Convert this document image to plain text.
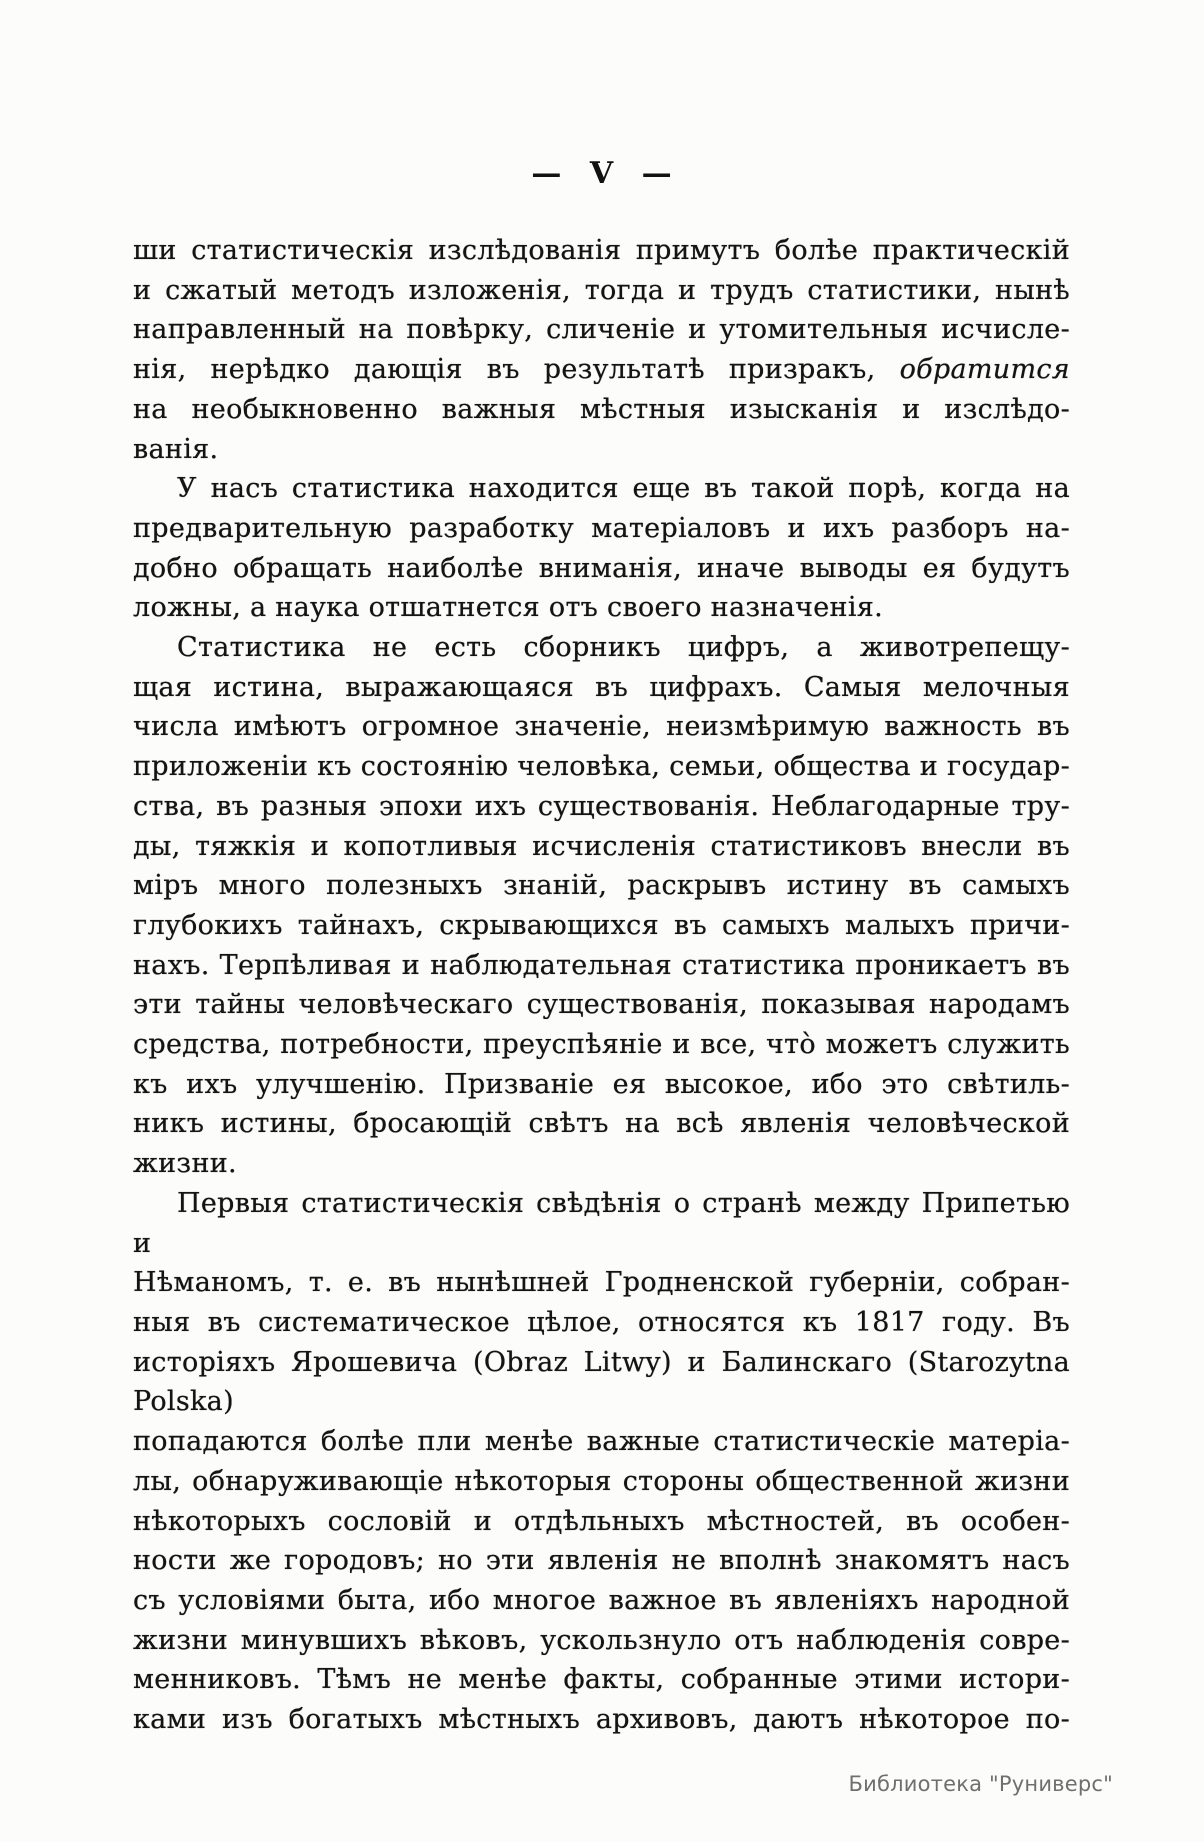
— V —
ши статистическія изслѣдованія примутъ болѣе практическій
и сжатый методъ изложенія, тогда и трудъ статистики, нынѣ
направленный на повѣрку, сличеніе и утомительныя исчисле-
нія, нерѣдко дающія въ результатѣ призракъ, обратится
на необыкновенно важныя мѣстныя изысканія и изслѣдо-
ванія.
У насъ статистика находится еще въ такой порѣ, когда на
предварительную разработку матеріаловъ и ихъ разборъ на-
добно обращать наиболѣе вниманія, иначе выводы ея будутъ
ложны, а наука отшатнется отъ своего назначенія.
Статистика не есть сборникъ цифръ, а животрепещу-
щая истина, выражающаяся въ цифрахъ. Самыя мелочныя
числа имѣютъ огромное значеніе, неизмѣримую важность въ
приложеніи къ состоянію человѣка, семьи, общества и государ-
ства, въ разныя эпохи ихъ существованія. Неблагодарные тру-
ды, тяжкія и копотливыя исчисленія статистиковъ внесли въ
міръ много полезныхъ знаній, раскрывъ истину въ самыхъ
глубокихъ тайнахъ, скрывающихся въ самыхъ малыхъ причи-
нахъ. Терпѣливая и наблюдательная статистика проникаетъ въ
эти тайны человѣческаго существованія, показывая народамъ
средства, потребности, преуспѣяніе и все, что̀ можетъ служить
къ ихъ улучшенію. Призваніе ея высокое, ибо это свѣтиль-
никъ истины, бросающій свѣтъ на всѣ явленія человѣческой
жизни.
Первыя статистическія свѣдѣнія о странѣ между Припетью и
Нѣманомъ, т. е. въ нынѣшней Гродненской губерніи, собран-
ныя въ систематическое цѣлое, относятся къ 1817 году. Въ
исторіяхъ Ярошевича (Obraz Litwy) и Балинскаго (Starozytna Polska)
попадаются болѣе пли менѣе важные статистическіе матеріа-
лы, обнаруживающіе нѣкоторыя стороны общественной жизни
нѣкоторыхъ сословій и отдѣльныхъ мѣстностей, въ особен-
ности же городовъ; но эти явленія не вполнѣ знакомятъ насъ
съ условіями быта, ибо многое важное въ явленіяхъ народной
жизни минувшихъ вѣковъ, ускользнуло отъ наблюденія совре-
менниковъ. Тѣмъ не менѣе факты, собранные этими истори-
ками изъ богатыхъ мѣстныхъ архивовъ, даютъ нѣкоторое по-
Библиотека "Руниверс"
